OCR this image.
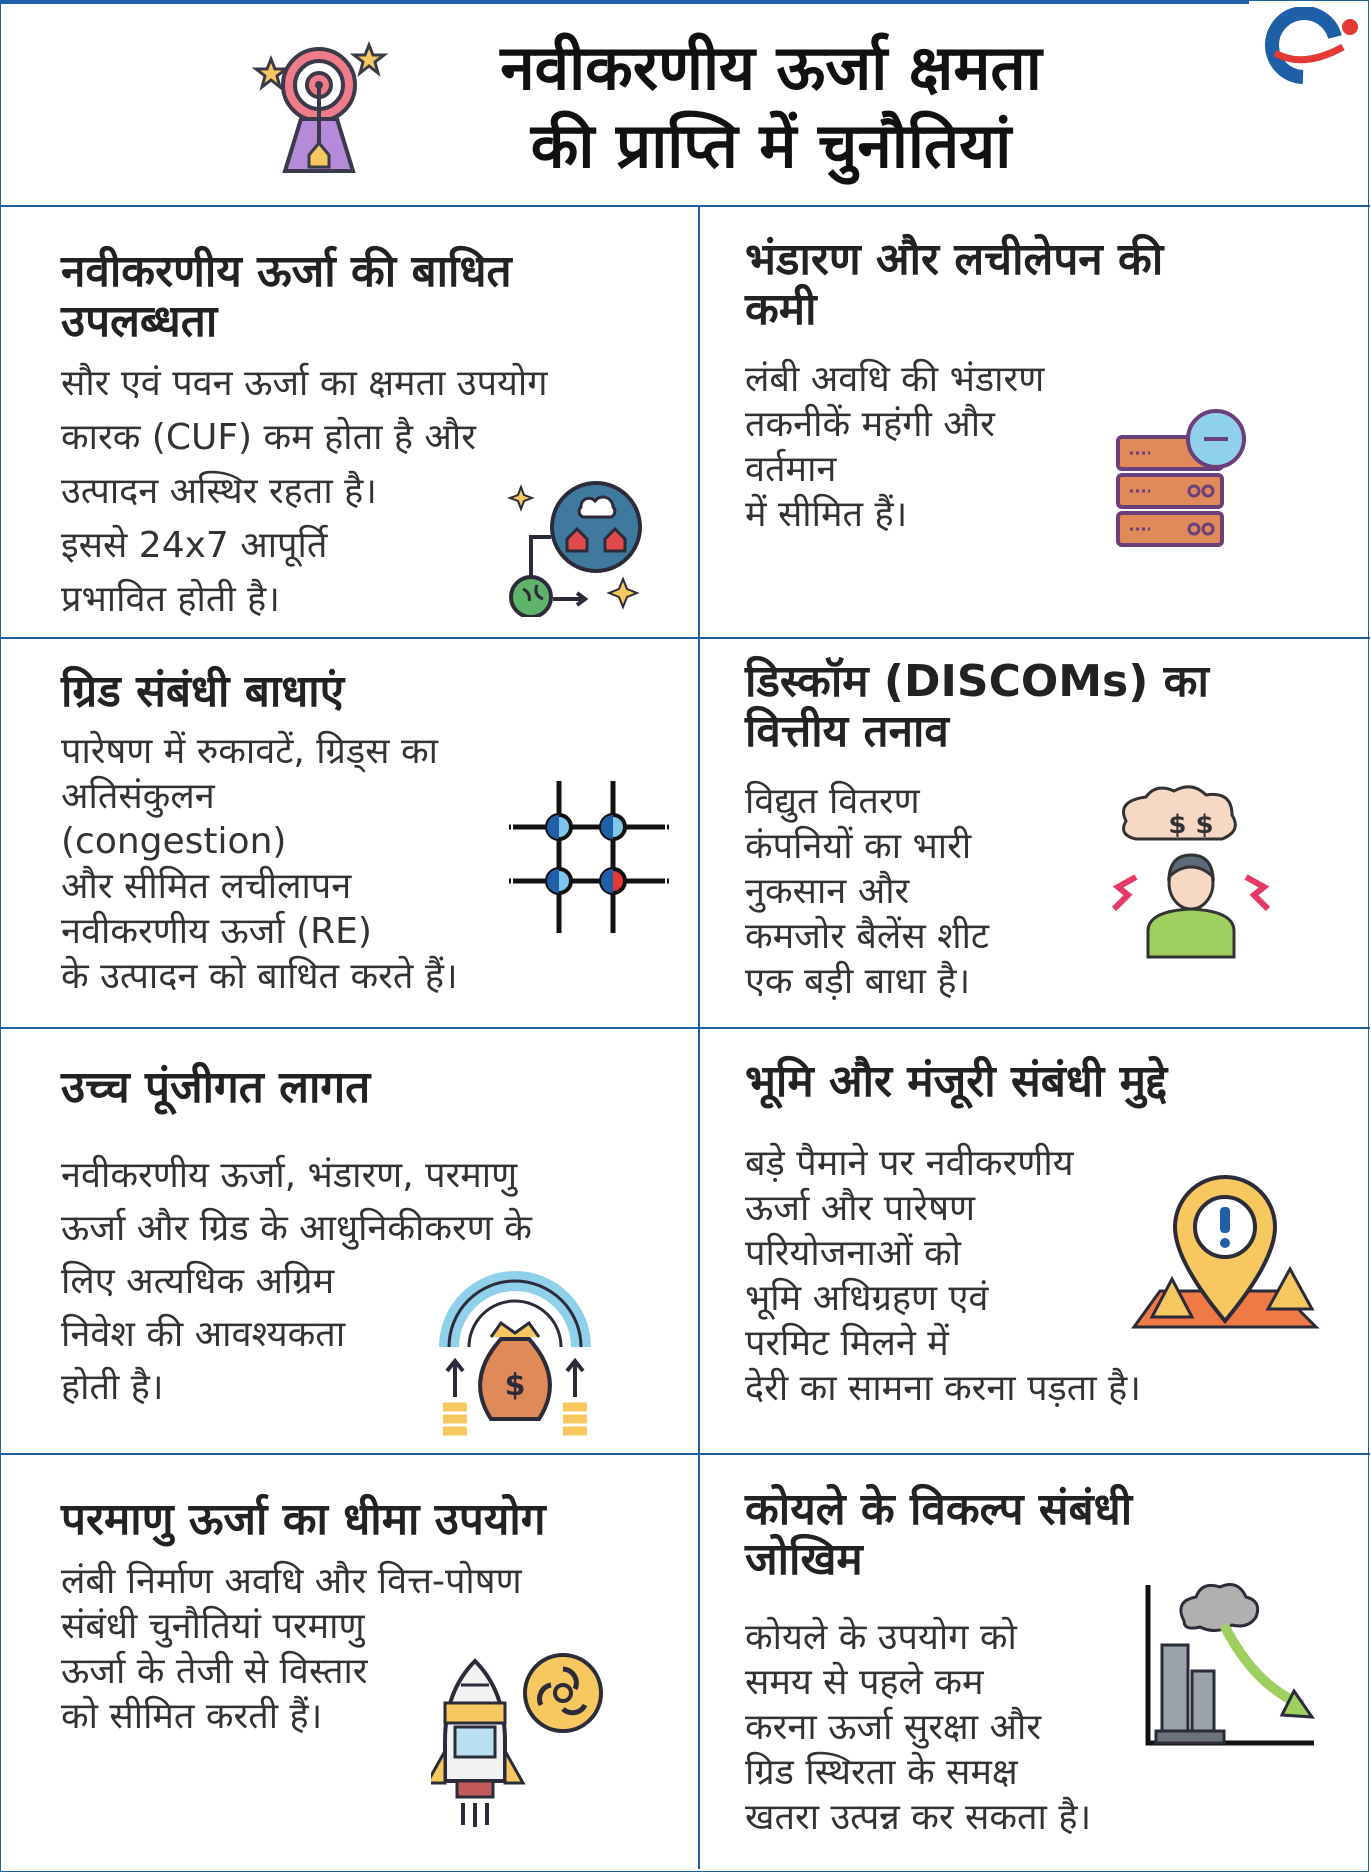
नवीकरणीय ऊर्जा क्षमता
की प्राप्ति में चुनौतियां
नवीकरणीय ऊर्जा की बाधित
उपलब्धता
सौर एवं पवन ऊर्जा का क्षमता उपयोग
कारक (CUF) कम होता है और
उत्पादन अस्थिर रहता है।
इससे 24x7 आपूर्ति
प्रभावित होती है।
भंडारण और लचीलेपन की
कमी
लंबी अवधि की भंडारण
तकनीकें महंगी और
वर्तमान
में सीमित हैं।
ग्रिड संबंधी बाधाएं
पारेषण में रुकावटें, ग्रिड्स का
अतिसंकुलन
(congestion)
और सीमित लचीलापन
नवीकरणीय ऊर्जा (RE)
के उत्पादन को बाधित करते हैं।
डिस्कॉम (DISCOMs) का
वित्तीय तनाव
विद्युत वितरण
कंपनियों का भारी
नुकसान और
कमजोर बैलेंस शीट
एक बड़ी बाधा है।
$ $
उच्च पूंजीगत लागत
नवीकरणीय ऊर्जा, भंडारण, परमाणु
ऊर्जा और ग्रिड के आधुनिकीकरण के
लिए अत्यधिक अग्रिम
निवेश की आवश्यकता
होती है।	$
भूमि और मंजूरी संबंधी मुद्दे
बड़े पैमाने पर नवीकरणीय
ऊर्जा और पारेषण
परियोजनाओं को
भूमि अधिग्रहण एवं
परमिट मिलने में
देरी का सामना करना पड़ता है।
परमाणु ऊर्जा का धीमा उपयोग
लंबी निर्माण अवधि और वित्त-पोषण
संबंधी चुनौतियां परमाणु
ऊर्जा के तेजी से विस्तार
को सीमित करती हैं।
कोयले के विकल्प संबंधी
जोखिम
कोयले के उपयोग को
समय से पहले कम
करना ऊर्जा सुरक्षा और
ग्रिड स्थिरता के समक्ष
खतरा उत्पन्न कर सकता है।
